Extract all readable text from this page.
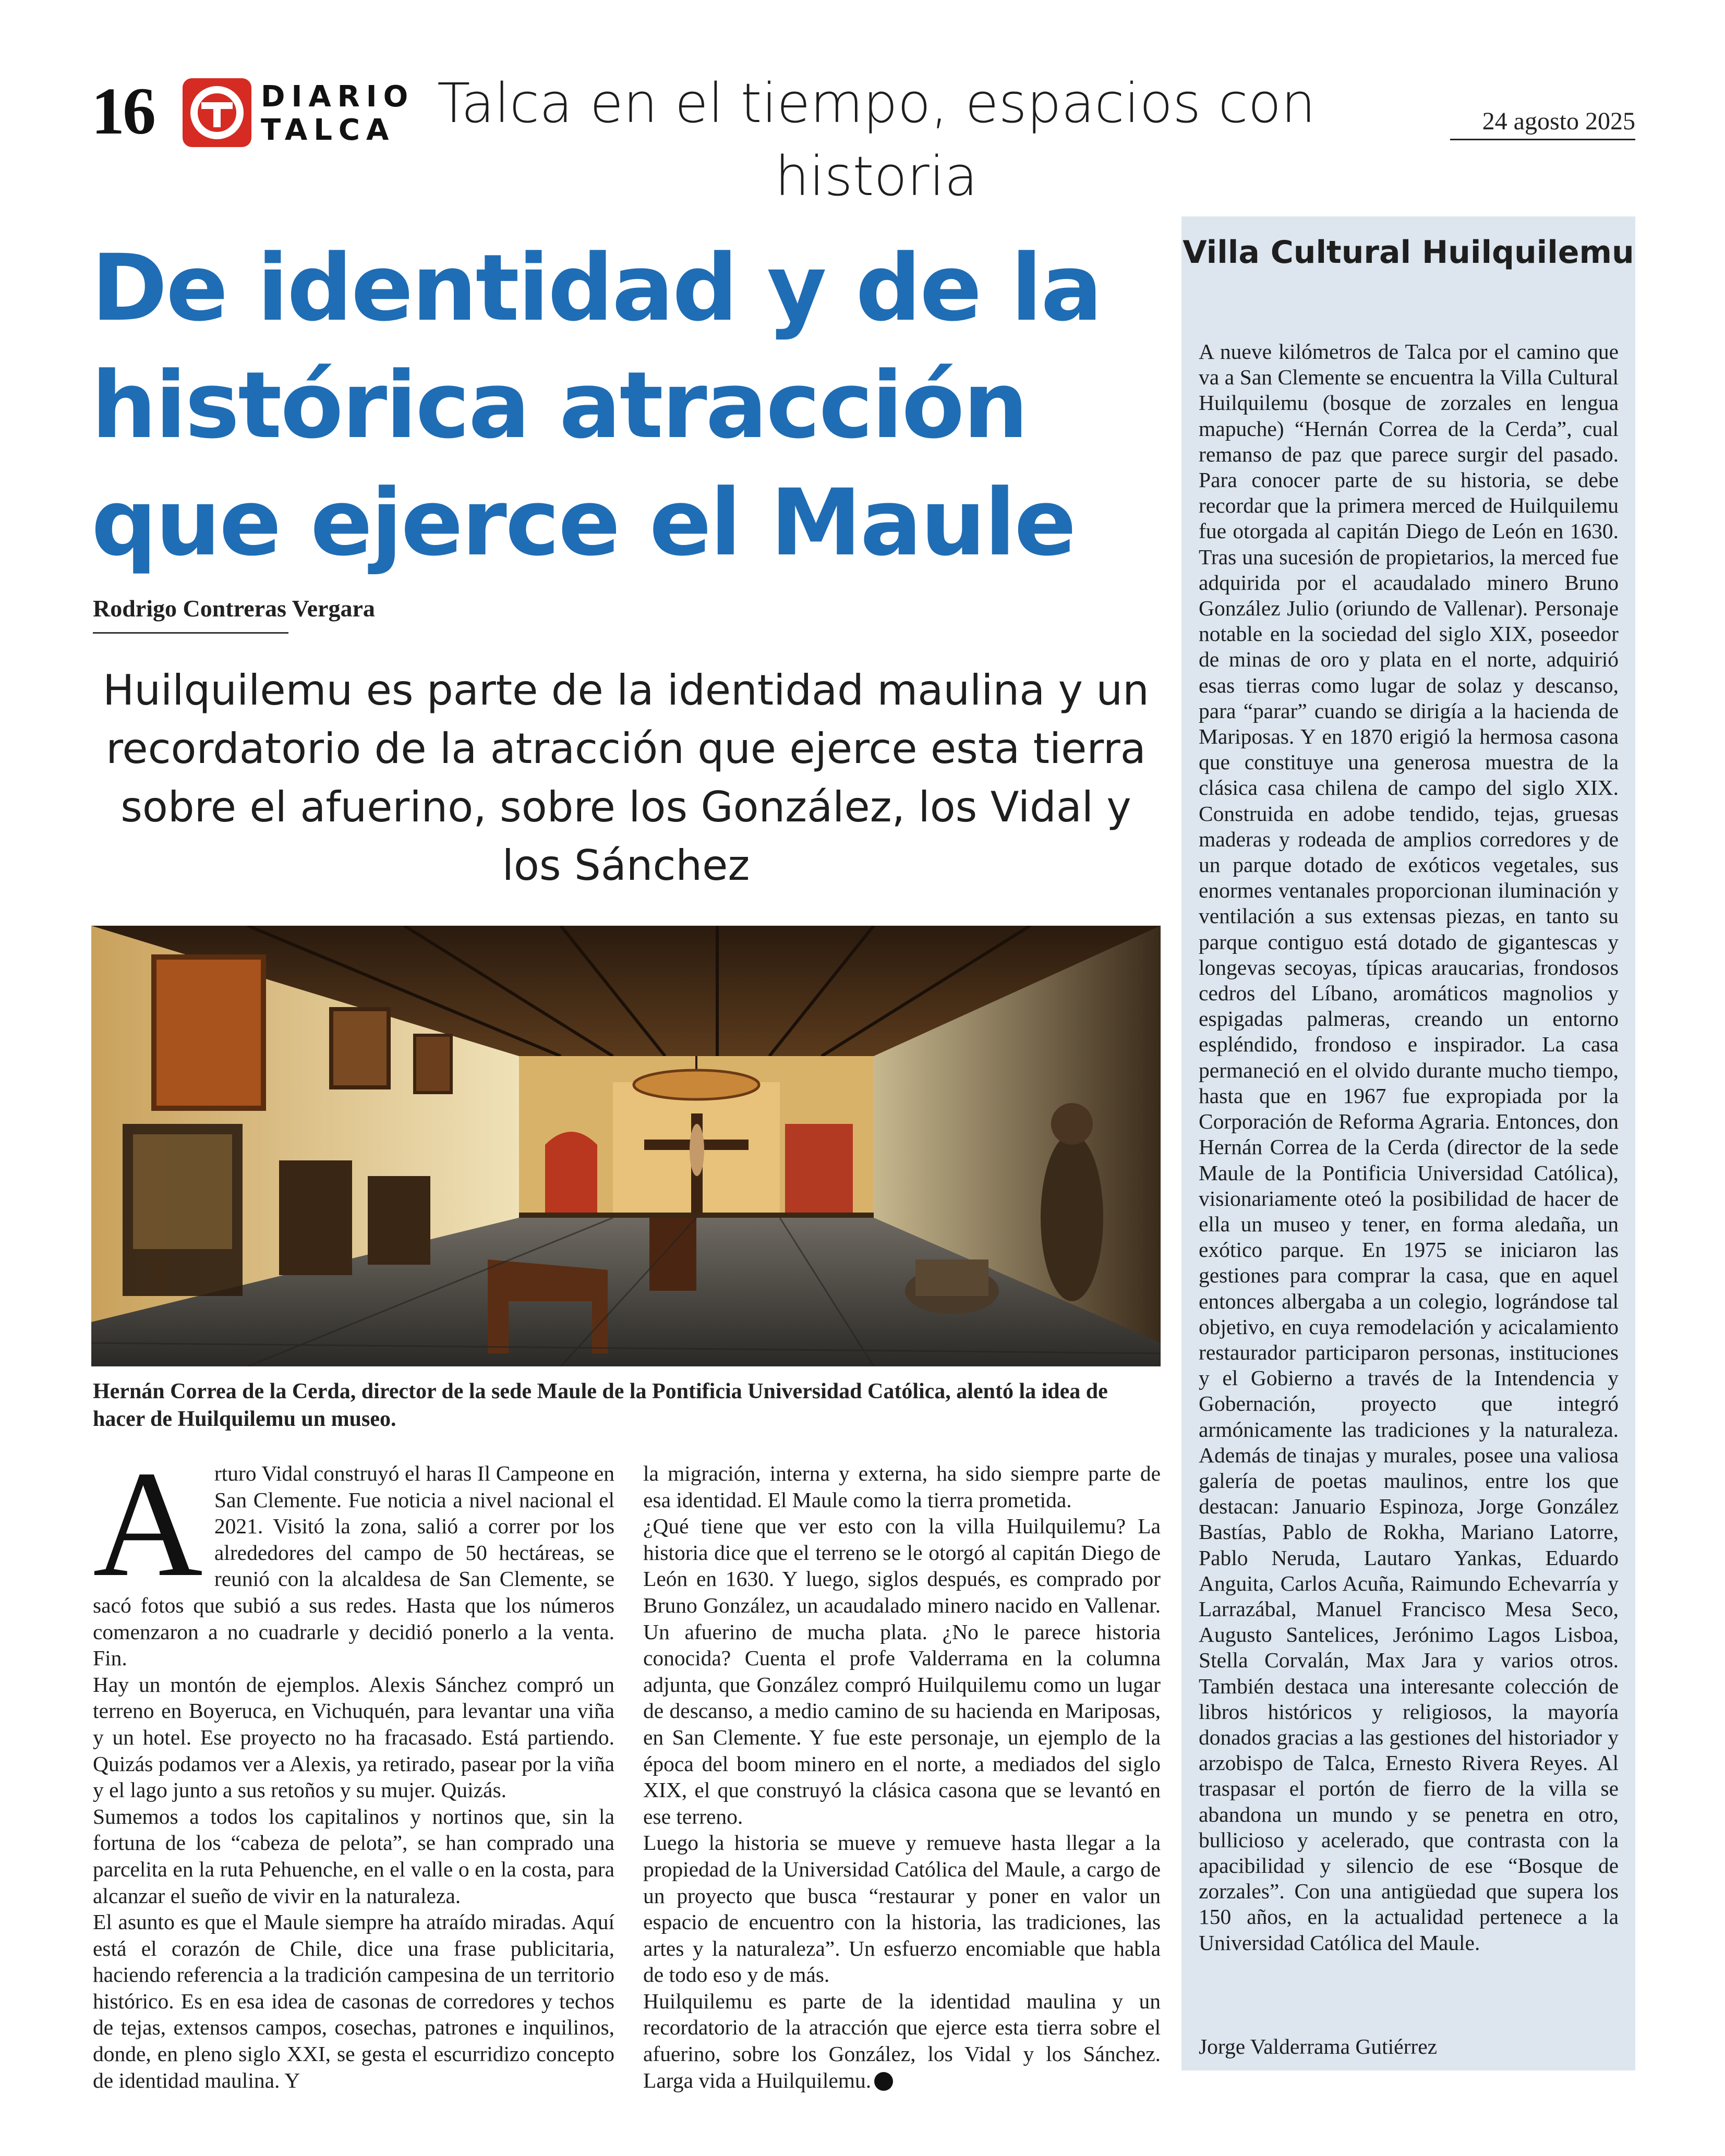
16	DIARIO
TALCA Talca en el tiempo, espacios con historia
24 agosto 2025
De identidad y de la histórica atracción que ejerce el Maule
Rodrigo Contreras Vergara
Huilquilemu es parte de la identidad maulina y un recordatorio de la atracción que ejerce esta tierra sobre el afuerino, sobre los González, los Vidal y los Sánchez
Hernán Correa de la Cerda, director de la sede Maule de la Pontificia Universidad Católica, alentó la idea de hacer de Huilquilemu un museo.

Arturo Vidal construyó el haras Il Campeone en San Clemente. Fue noticia a nivel nacional el 2021. Visitó la zona, salió a correr por los alrededores del campo de 50 hectáreas, se reunió con la alcaldesa de San Clemente, se sacó fotos que subió a sus redes. Hasta que los números comenzaron a no cuadrarle y decidió ponerlo a la venta. Fin.

Hay un montón de ejemplos. Alexis Sánchez compró un terreno en Boyeruca, en Vichuquén, para levantar una viña y un hotel. Ese proyecto no ha fracasado. Está partiendo. Quizás podamos ver a Alexis, ya retirado, pasear por la viña y el lago junto a sus retoños y su mujer. Quizás.

Sumemos a todos los capitalinos y nortinos que, sin la fortuna de los “cabeza de pelota”, se han comprado una parcelita en la ruta Pehuenche, en el valle o en la costa, para alcanzar el sueño de vivir en la naturaleza.

El asunto es que el Maule siempre ha atraído miradas. Aquí está el corazón de Chile, dice una frase publicitaria, haciendo referencia a la tradición campesina de un territorio histórico. Es en esa idea de casonas de corredores y techos de tejas, extensos campos, cosechas, patrones e inquilinos, donde, en pleno siglo XXI, se gesta el escurridizo concepto de identidad maulina. Y

la migración, interna y externa, ha sido siempre parte de esa identidad. El Maule como la tierra prometida.

¿Qué tiene que ver esto con la villa Huilquilemu? La historia dice que el terreno se le otorgó al capitán Diego de León en 1630. Y luego, siglos después, es comprado por Bruno González, un acaudalado minero nacido en Vallenar. Un afuerino de mucha plata. ¿No le parece historia conocida? Cuenta el profe Valderrama en la columna adjunta, que González compró Huilquilemu como un lugar de descanso, a medio camino de su hacienda en Mariposas, en San Clemente. Y fue este personaje, un ejemplo de la época del boom minero en el norte, a mediados del siglo XIX, el que construyó la clásica casona que se levantó en ese terreno.

Luego la historia se mueve y remueve hasta llegar a la propiedad de la Universidad Católica del Maule, a cargo de un proyecto que busca “restaurar y poner en valor un espacio de encuentro con la historia, las tradiciones, las artes y la naturaleza”. Un esfuerzo encomiable que habla de todo eso y de más.

Huilquilemu es parte de la identidad maulina y un recordatorio de la atracción que ejerce esta tierra sobre el afuerino, sobre los González, los Vidal y los Sánchez. Larga vida a Huilquilemu.

Villa Cultural Huilquilemu
A nueve kilómetros de Talca por el camino que va a San Clemente se encuentra la Villa Cultural Huilquilemu (bosque de zorzales en lengua mapuche) “Hernán Correa de la Cerda”, cual remanso de paz que parece surgir del pasado. Para conocer parte de su historia, se debe recordar que la primera merced de Huilquilemu fue otorgada al capitán Diego de León en 1630. Tras una sucesión de propietarios, la merced fue adquirida por el acaudalado minero Bruno González Julio (oriundo de Vallenar). Personaje notable en la sociedad del siglo XIX, poseedor de minas de oro y plata en el norte, adquirió esas tierras como lugar de solaz y descanso, para “parar” cuando se dirigía a la hacienda de Mariposas. Y en 1870 erigió la hermosa casona que constituye una generosa muestra de la clásica casa chilena de campo del siglo XIX. Construida en adobe tendido, tejas, gruesas maderas y rodeada de amplios corredores y de un parque dotado de exóticos vegetales, sus enormes ventanales proporcionan iluminación y ventilación a sus extensas piezas, en tanto su parque contiguo está dotado de gigantescas y longevas secoyas, típicas araucarias, frondosos cedros del Líbano, aromáticos magnolios y espigadas palmeras, creando un entorno espléndido, frondoso e inspirador. La casa permaneció en el olvido durante mucho tiempo, hasta que en 1967 fue expropiada por la Corporación de Reforma Agraria. Entonces, don Hernán Correa de la Cerda (director de la sede Maule de la Pontificia Universidad Católica), visionariamente oteó la posibilidad de hacer de ella un museo y tener, en forma aledaña, un exótico parque. En 1975 se iniciaron las gestiones para comprar la casa, que en aquel entonces albergaba a un colegio, lográndose tal objetivo, en cuya remodelación y acicalamiento restaurador participaron personas, instituciones y el Gobierno a través de la Intendencia y Gobernación, proyecto que integró armónicamente las tradiciones y la naturaleza. Además de tinajas y murales, posee una valiosa galería de poetas maulinos, entre los que destacan: Januario Espinoza, Jorge González Bastías, Pablo de Rokha, Mariano Latorre, Pablo Neruda, Lautaro Yankas, Eduardo Anguita, Carlos Acuña, Raimundo Echevarría y Larrazábal, Manuel Francisco Mesa Seco, Augusto Santelices, Jerónimo Lagos Lisboa, Stella Corvalán, Max Jara y varios otros. También destaca una interesante colección de libros históricos y religiosos, la mayoría donados gracias a las gestiones del historiador y arzobispo de Talca, Ernesto Rivera Reyes. Al traspasar el portón de fierro de la villa se abandona un mundo y se penetra en otro, bullicioso y acelerado, que contrasta con la apacibilidad y silencio de ese “Bosque de zorzales”. Con una antigüedad que supera los 150 años, en la actualidad pertenece a la Universidad Católica del Maule.
Jorge Valderrama Gutiérrez
